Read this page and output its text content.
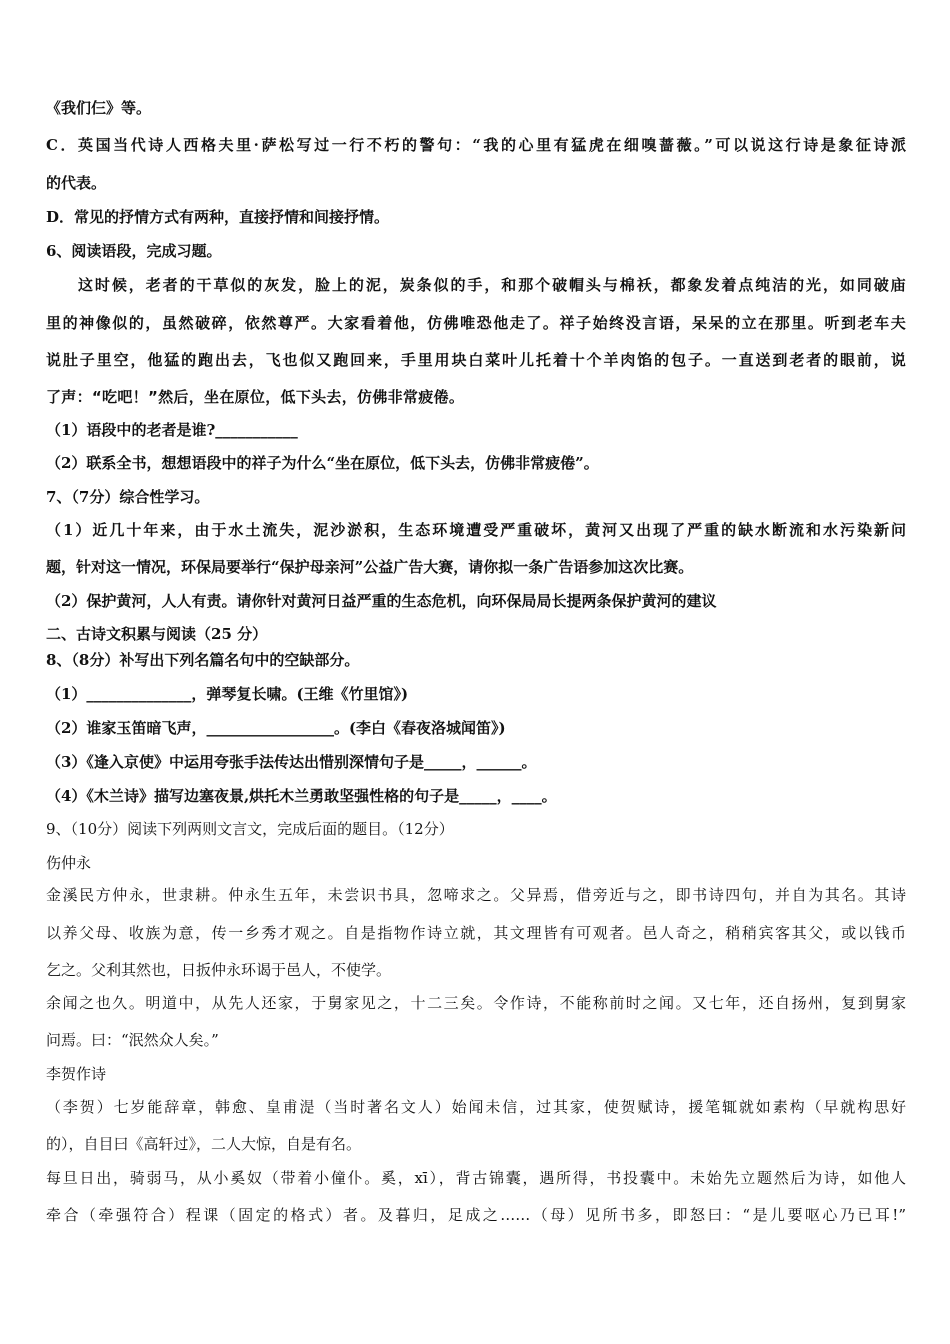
《我们仨》等。
C．英国当代诗人西格夫里·萨松写过一行不朽的警句：“我的心里有猛虎在细嗅蔷薇。”可以说这行诗是象征诗派
的代表。
D．常见的抒情方式有两种，直接抒情和间接抒情。
6、阅读语段，完成习题。
这时候，老者的干草似的灰发，脸上的泥，炭条似的手，和那个破帽头与棉袄，都象发着点纯洁的光，如同破庙
里的神像似的，虽然破碎，依然尊严。大家看着他，仿佛唯恐他走了。祥子始终没言语，呆呆的立在那里。听到老车夫
说肚子里空，他猛的跑出去，飞也似又跑回来，手里用块白菜叶儿托着十个羊肉馅的包子。一直送到老者的眼前，说
了声：“吃吧！”然后，坐在原位，低下头去，仿佛非常疲倦。
（1）语段中的老者是谁?___________
（2）联系全书，想想语段中的祥子为什么“坐在原位，低下头去，仿佛非常疲倦”。
7、（7分）综合性学习。
（1）近几十年来，由于水土流失，泥沙淤积，生态环境遭受严重破坏，黄河又出现了严重的缺水断流和水污染新问
题，针对这一情况，环保局要举行“保护母亲河”公益广告大赛，请你拟一条广告语参加这次比赛。
（2）保护黄河，人人有责。请你针对黄河日益严重的生态危机，向环保局局长提两条保护黄河的建议
二、古诗文积累与阅读（25 分）
8、（8分）补写出下列名篇名句中的空缺部分。
（1）______________，弹琴复长啸。(王维《竹里馆》)
（2）谁家玉笛暗飞声，_________________。(李白《春夜洛城闻笛》)
（3）《逢入京使》中运用夸张手法传达出惜别深情句子是_____，______。
（4）《木兰诗》描写边塞夜景,烘托木兰勇敢坚强性格的句子是_____，____。
9、（10分）阅读下列两则文言文，完成后面的题目。（12分）
伤仲永
金溪民方仲永，世隶耕。仲永生五年，未尝识书具，忽啼求之。父异焉，借旁近与之，即书诗四句，并自为其名。其诗
以养父母、收族为意，传一乡秀才观之。自是指物作诗立就，其文理皆有可观者。邑人奇之，稍稍宾客其父，或以钱币
乞之。父利其然也，日扳仲永环谒于邑人，不使学。
余闻之也久。明道中，从先人还家，于舅家见之，十二三矣。令作诗，不能称前时之闻。又七年，还自扬州，复到舅家
问焉。曰：“泯然众人矣。”
李贺作诗
（李贺）七岁能辞章，韩愈、皇甫湜（当时著名文人）始闻未信，过其家，使贺赋诗，援笔辄就如素构（早就构思好
的），自目曰《高轩过》，二人大惊，自是有名。
每旦日出，骑弱马，从小奚奴（带着小僮仆。奚，xī），背古锦囊，遇所得，书投囊中。未始先立题然后为诗，如他人
牵合（牵强符合）程课（固定的格式）者。及暮归，足成之……（母）见所书多，即怒曰：“是儿要呕心乃已耳!”
